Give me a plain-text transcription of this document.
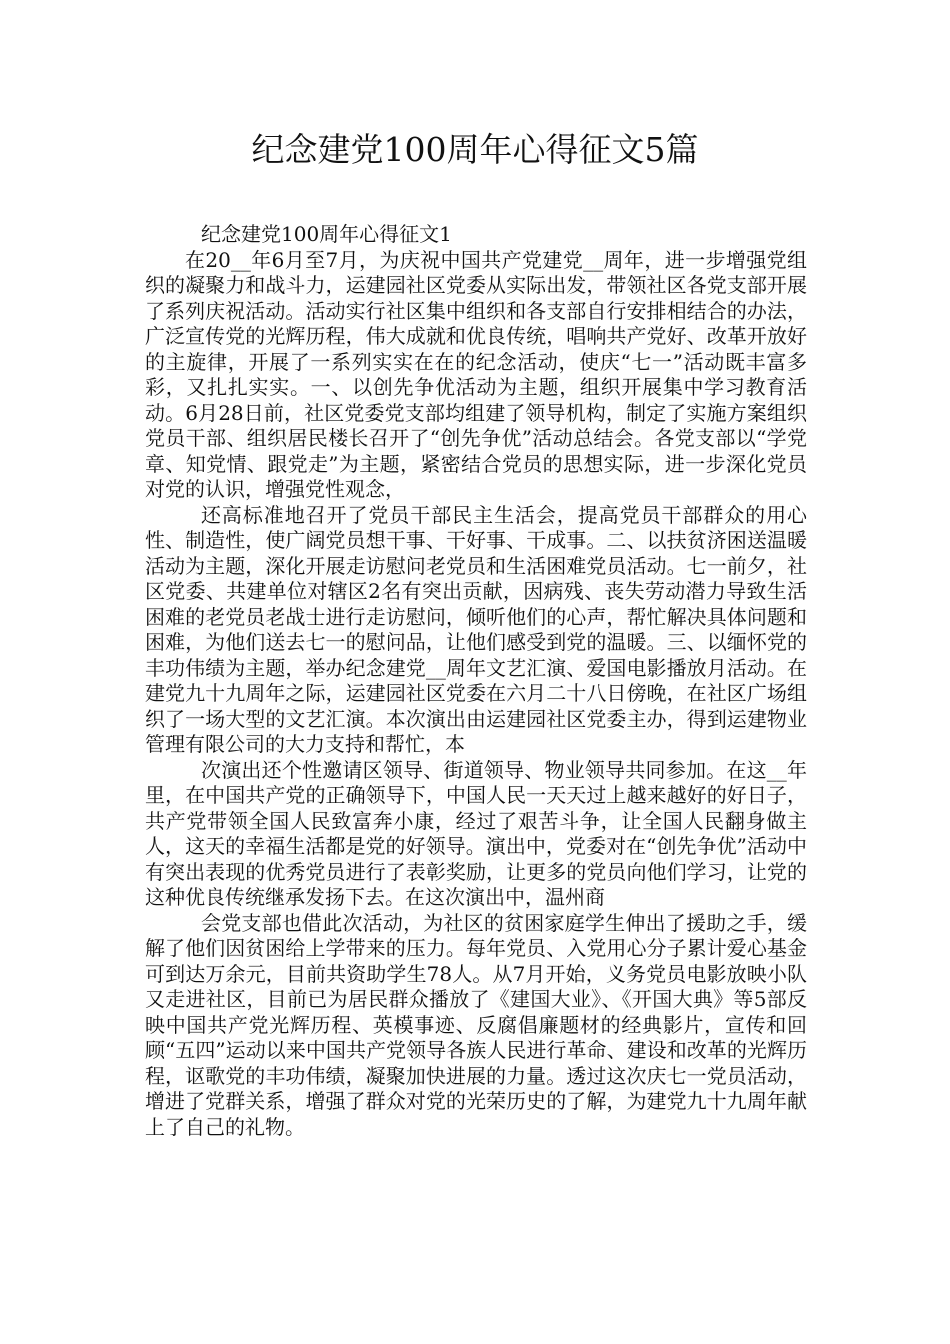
纪念建党100周年心得征文5篇

纪念建党100周年心得征文1

在20__年6月至7月，为庆祝中国共产党建党__周年，进一步增强党组织的凝聚力和战斗力，运建园社区党委从实际出发，带领社区各党支部开展了系列庆祝活动。活动实行社区集中组织和各支部自行安排相结合的办法，广泛宣传党的光辉历程，伟大成就和优良传统，唱响共产党好、改革开放好的主旋律，开展了一系列实实在在的纪念活动，使庆“七一”活动既丰富多彩，又扎扎实实。一、以创先争优活动为主题，组织开展集中学习教育活动。6月28日前，社区党委党支部均组建了领导机构，制定了实施方案组织党员干部、组织居民楼长召开了“创先争优”活动总结会。各党支部以“学党章、知党情、跟党走”为主题，紧密结合党员的思想实际，进一步深化党员对党的认识，增强党性观念，

还高标准地召开了党员干部民主生活会，提高党员干部群众的用心性、制造性，使广阔党员想干事、干好事、干成事。二、以扶贫济困送温暖活动为主题，深化开展走访慰问老党员和生活困难党员活动。七一前夕，社区党委、共建单位对辖区2名有突出贡献，因病残、丧失劳动潜力导致生活困难的老党员老战士进行走访慰问，倾听他们的心声，帮忙解决具体问题和困难，为他们送去七一的慰问品，让他们感受到党的温暖。三、以缅怀党的丰功伟绩为主题，举办纪念建党__周年文艺汇演、爱国电影播放月活动。在建党九十九周年之际，运建园社区党委在六月二十八日傍晚，在社区广场组织了一场大型的文艺汇演。本次演出由运建园社区党委主办，得到运建物业管理有限公司的大力支持和帮忙，本

次演出还个性邀请区领导、街道领导、物业领导共同参加。在这__年里，在中国共产党的正确领导下，中国人民一天天过上越来越好的好日子，共产党带领全国人民致富奔小康，经过了艰苦斗争，让全国人民翻身做主人，这天的幸福生活都是党的好领导。演出中，党委对在“创先争优”活动中有突出表现的优秀党员进行了表彰奖励，让更多的党员向他们学习，让党的这种优良传统继承发扬下去。在这次演出中，温州商

会党支部也借此次活动，为社区的贫困家庭学生伸出了援助之手，缓解了他们因贫困给上学带来的压力。每年党员、入党用心分子累计爱心基金可到达万余元，目前共资助学生78人。从7月开始，义务党员电影放映小队又走进社区，目前已为居民群众播放了《建国大业》、《开国大典》等5部反映中国共产党光辉历程、英模事迹、反腐倡廉题材的经典影片，宣传和回顾“五四”运动以来中国共产党领导各族人民进行革命、建设和改革的光辉历程，讴歌党的丰功伟绩，凝聚加快进展的力量。透过这次庆七一党员活动，增进了党群关系，增强了群众对党的光荣历史的了解，为建党九十九周年献上了自己的礼物。
